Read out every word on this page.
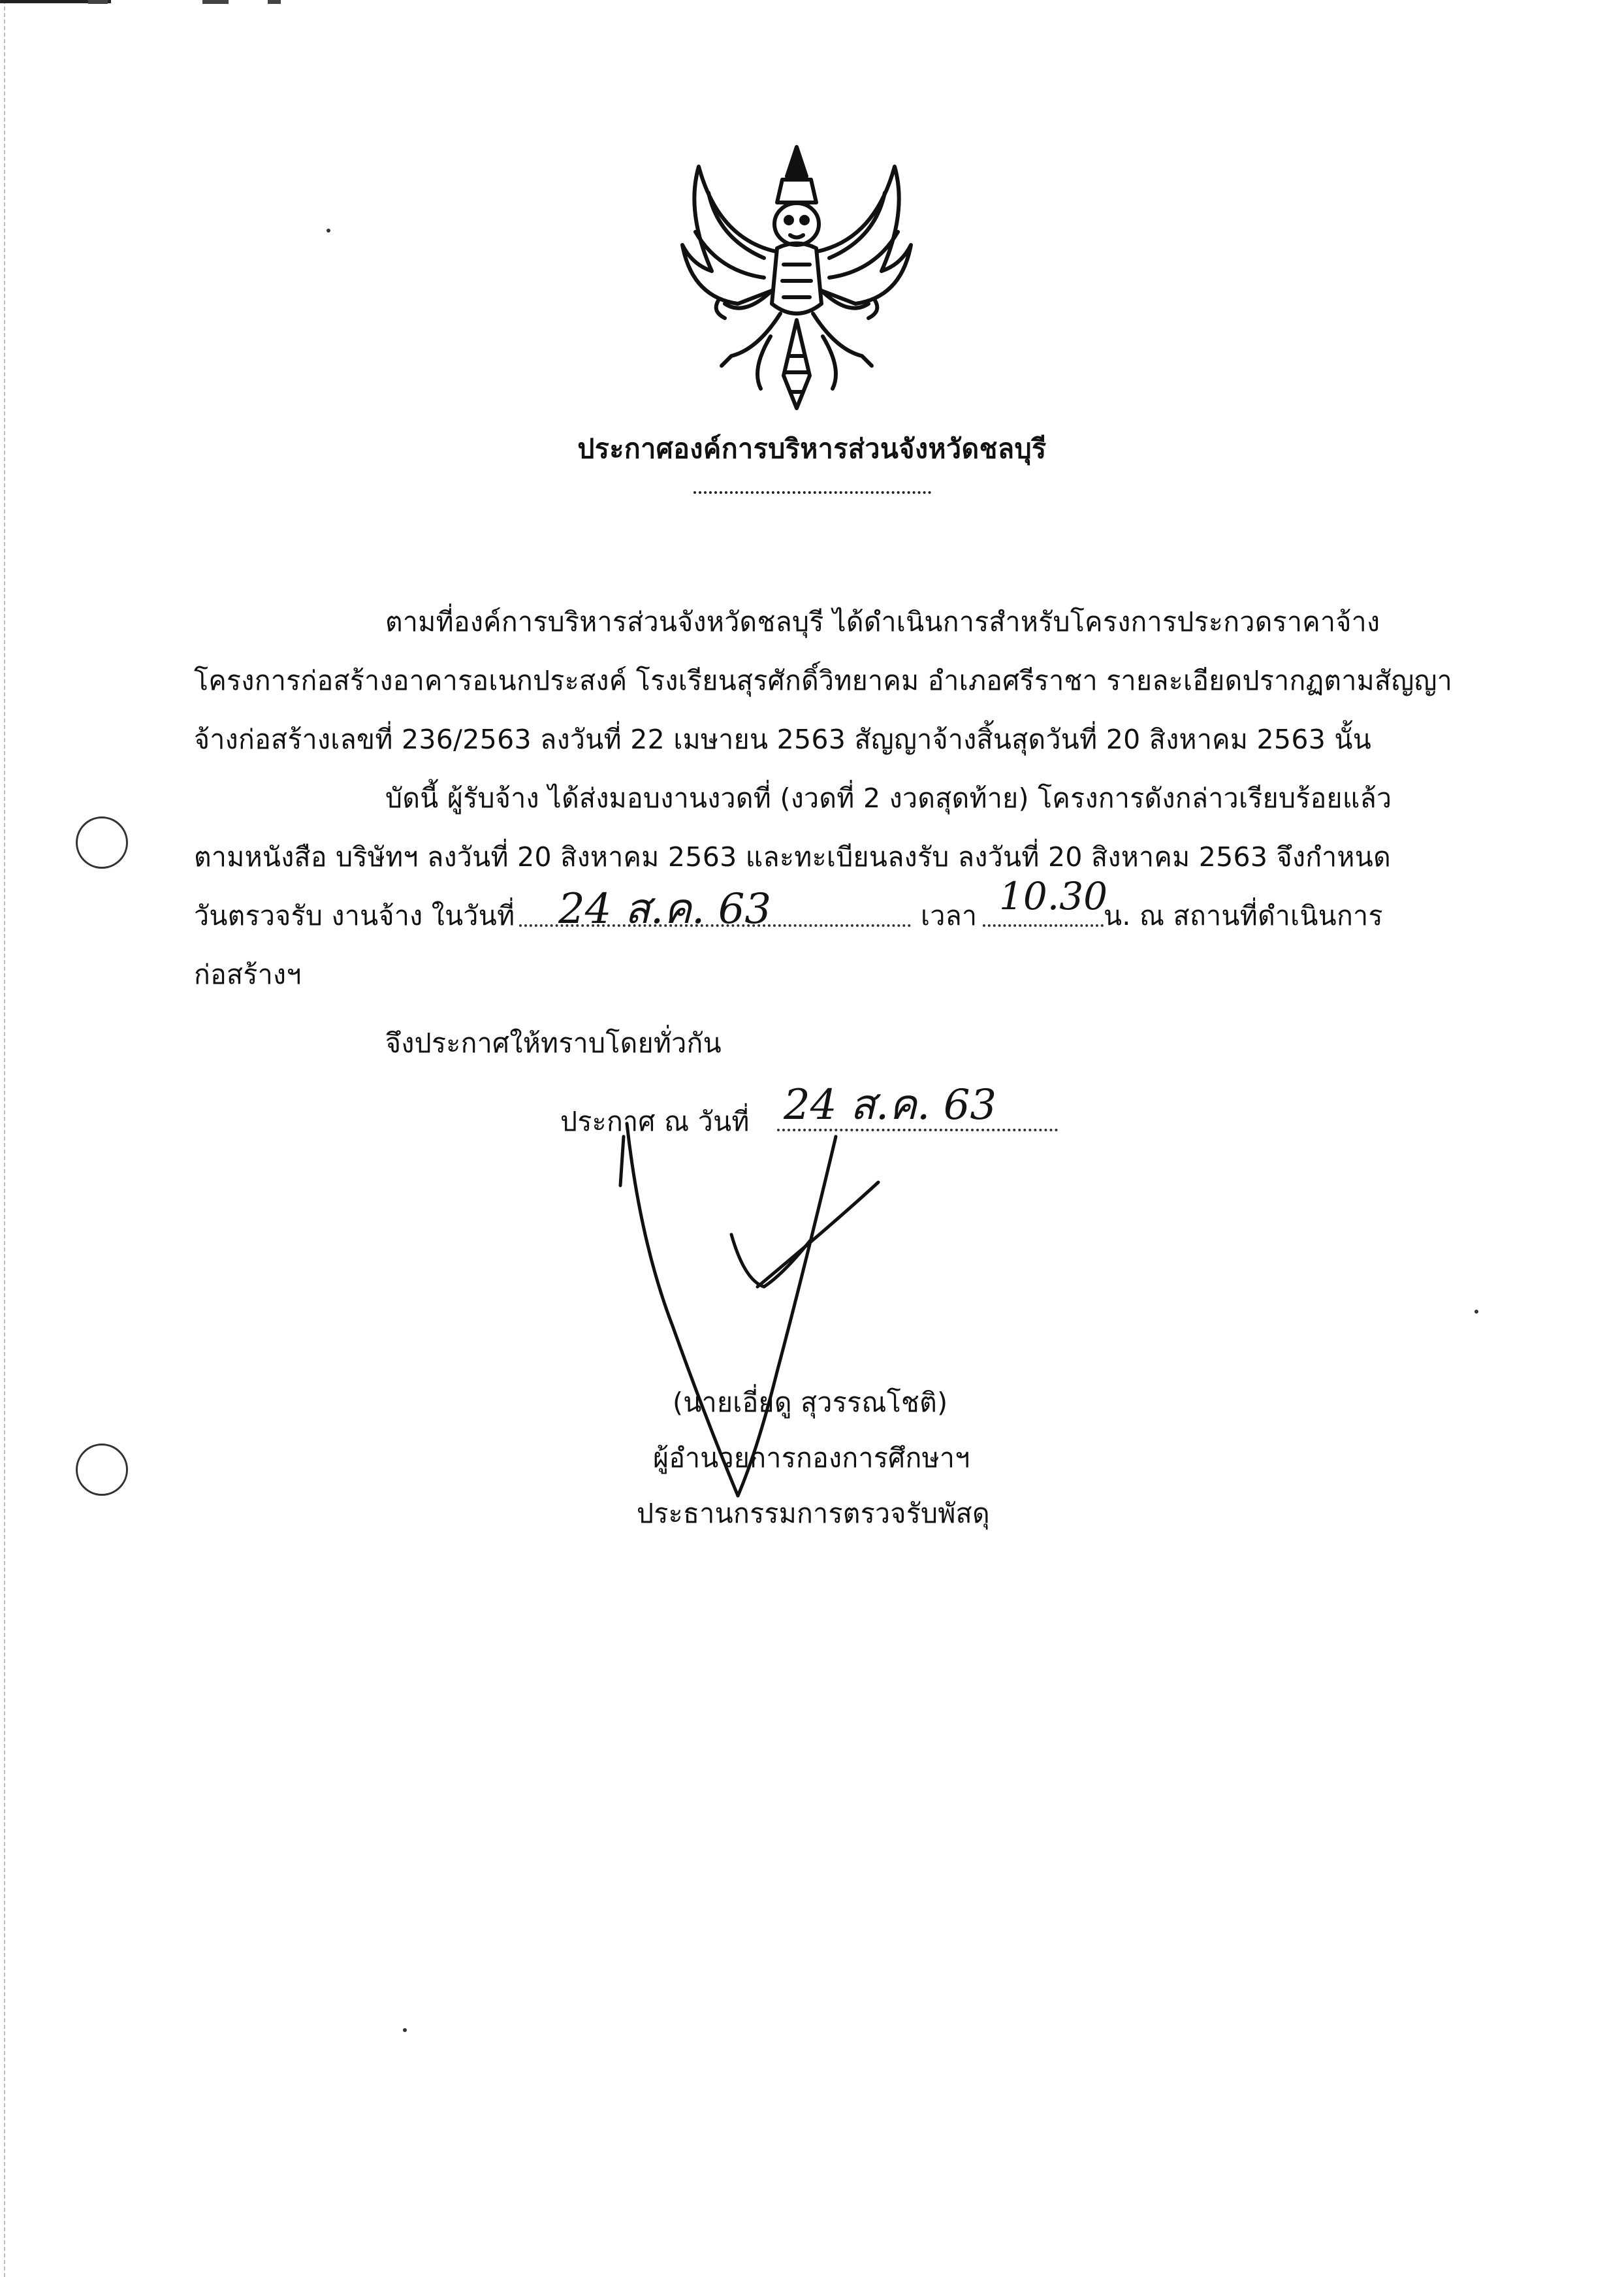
ประกาศองค์การบริหารส่วนจังหวัดชลบุรี
ตามที่องค์การบริหารส่วนจังหวัดชลบุรี ได้ดำเนินการสำหรับโครงการประกวดราคาจ้าง
โครงการก่อสร้างอาคารอเนกประสงค์ โรงเรียนสุรศักดิ์วิทยาคม อำเภอศรีราชา รายละเอียดปรากฏตามสัญญา
จ้างก่อสร้างเลขที่ 236/2563 ลงวันที่ 22 เมษายน 2563 สัญญาจ้างสิ้นสุดวันที่ 20 สิงหาคม 2563 นั้น
บัดนี้ ผู้รับจ้าง ได้ส่งมอบงานงวดที่ (งวดที่ 2 งวดสุดท้าย) โครงการดังกล่าวเรียบร้อยแล้ว
ตามหนังสือ บริษัทฯ ลงวันที่ 20 สิงหาคม 2563 และทะเบียนลงรับ ลงวันที่ 20 สิงหาคม 2563 จึงกำหนด
วันตรวจรับ งานจ้าง ในวันที่	เวลา	น. ณ สถานที่ดำเนินการ
ก่อสร้างฯ
24 ส.ค. 63	10.30
จึงประกาศให้ทราบโดยทั่วกัน
ประกาศ ณ วันที่ 24 ส.ค. 63
(นายเอี่ยดู สุวรรณโชติ)
ผู้อำนวยการกองการศึกษาฯ
ประธานกรรมการตรวจรับพัสดุ
